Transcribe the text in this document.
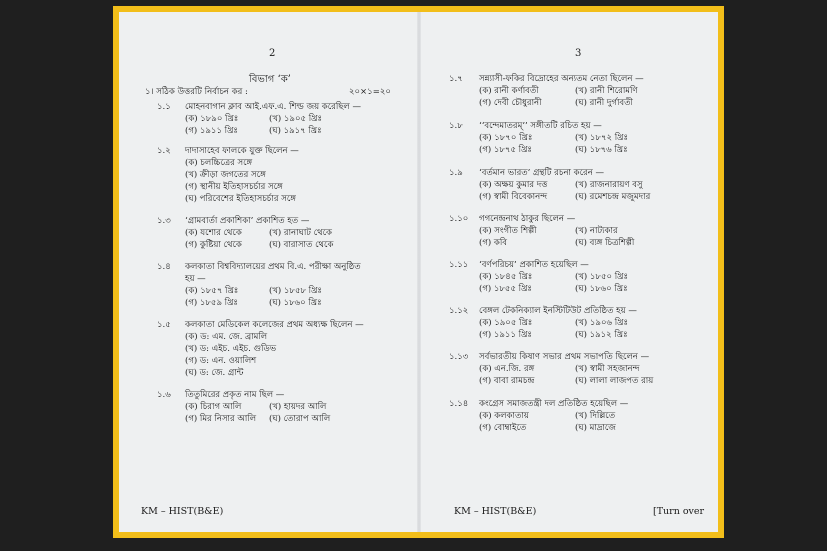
2
বিভাগ ‘ক’
১। সঠিক উত্তরটি নির্বাচন কর :	২০×১=২০
১.১ মোহনবাগান ক্লাব আই.এফ.এ. শিল্ড জয় করেছিল —
(ক) ১৮৯০ খ্রিঃ	(খ) ১৯০৫ খ্রিঃ
(গ) ১৯১১ খ্রিঃ	(ঘ) ১৯১৭ খ্রিঃ
১.২ দাদাসাহেব ফালকে যুক্ত ছিলেন —
(ক) চলচ্চিত্রের সঙ্গে
(খ) ক্রীড়া জগতের সঙ্গে
(গ) স্থানীয় ইতিহাসচর্চার সঙ্গে
(ঘ) পরিবেশের ইতিহাসচর্চার সঙ্গে
১.৩ ‘গ্রামবার্তা প্রকাশিকা’ প্রকাশিত হত —
(ক) যশোর থেকে	(খ) রানাঘাট থেকে
(গ) কুষ্টিয়া থেকে	(ঘ) বারাসাত থেকে
১.৪ কলকাতা বিশ্ববিদ্যালয়ের প্রথম বি.এ. পরীক্ষা অনুষ্ঠিত
হয় —
(ক) ১৮৫৭ খ্রিঃ	(খ) ১৮৫৮ খ্রিঃ
(গ) ১৮৫৯ খ্রিঃ	(ঘ) ১৮৬০ খ্রিঃ
১.৫ কলকাতা মেডিকেল কলেজের প্রথম অধ্যক্ষ ছিলেন —
(ক) ড: এম. জে. ব্রামলি
(খ) ড: এইচ. এইচ. গুডিভ
(গ) ড: এন. ওয়ালিশ
(ঘ) ড: জে. গ্রান্ট
১.৬ তিতুমিরের প্রকৃত নাম ছিল —
(ক) চিরাগ আলি	(খ) হায়দর আলি
(গ) মির নিসার আলি (ঘ) তোরাপ আলি
KM – HIST(B&E)
3
১.৭ সন্ন্যাসী-ফকির বিদ্রোহের অন্যতম নেতা ছিলেন —
(ক) রানী কর্ণাবতী	(খ) রানী শিরোমণি
(গ) দেবী চৌধুরানী	(ঘ) রানী দুর্গাবতী
১.৮ ‘‘বন্দেমাতরম্’’ সঙ্গীতটি রচিত হয় —
(ক) ১৮৭০ খ্রিঃ	(খ) ১৮৭২ খ্রিঃ
(গ) ১৮৭৫ খ্রিঃ	(ঘ) ১৮৭৬ খ্রিঃ
১.৯ ‘বর্তমান ভারত’ গ্রন্থটি রচনা করেন —
(ক) অক্ষয় কুমার দত্ত	(খ) রাজনারায়ণ বসু
(গ) স্বামী বিবেকানন্দ	(ঘ) রমেশচন্দ্র মজুমদার
১.১০ গগনেন্দ্রনাথ ঠাকুর ছিলেন —
(ক) সংগীত শিল্পী	(খ) নাট্যকার
(গ) কবি	(ঘ) ব্যঙ্গ চিত্রশিল্পী
১.১১ ‘বর্ণপরিচয়’ প্রকাশিত হয়েছিল —
(ক) ১৮৪৫ খ্রিঃ	(খ) ১৮৫০ খ্রিঃ
(গ) ১৮৫৫ খ্রিঃ	(ঘ) ১৮৬০ খ্রিঃ
১.১২ বেঙ্গল টেকনিক্যাল ইনস্টিটিউট প্রতিষ্ঠিত হয় —
(ক) ১৯০৫ খ্রিঃ	(খ) ১৯০৬ খ্রিঃ
(গ) ১৯১১ খ্রিঃ	(ঘ) ১৯১২ খ্রিঃ
১.১৩ সর্বভারতীয় কিষাণ সভার প্রথম সভাপতি ছিলেন —
(ক) এন.জি. রঙ্গ	(খ) স্বামী সহজানন্দ
(গ) বাবা রামচন্দ্র	(ঘ) লালা লাজপত রায়
১.১৪ কংগ্রেস সমাজতন্ত্রী দল প্রতিষ্ঠিত হয়েছিল —
(ক) কলকাতায়	(খ) দিল্লিতে
(গ) বোম্বাইতে	(ঘ) মাদ্রাজে
KM – HIST(B&E)	[Turn over
